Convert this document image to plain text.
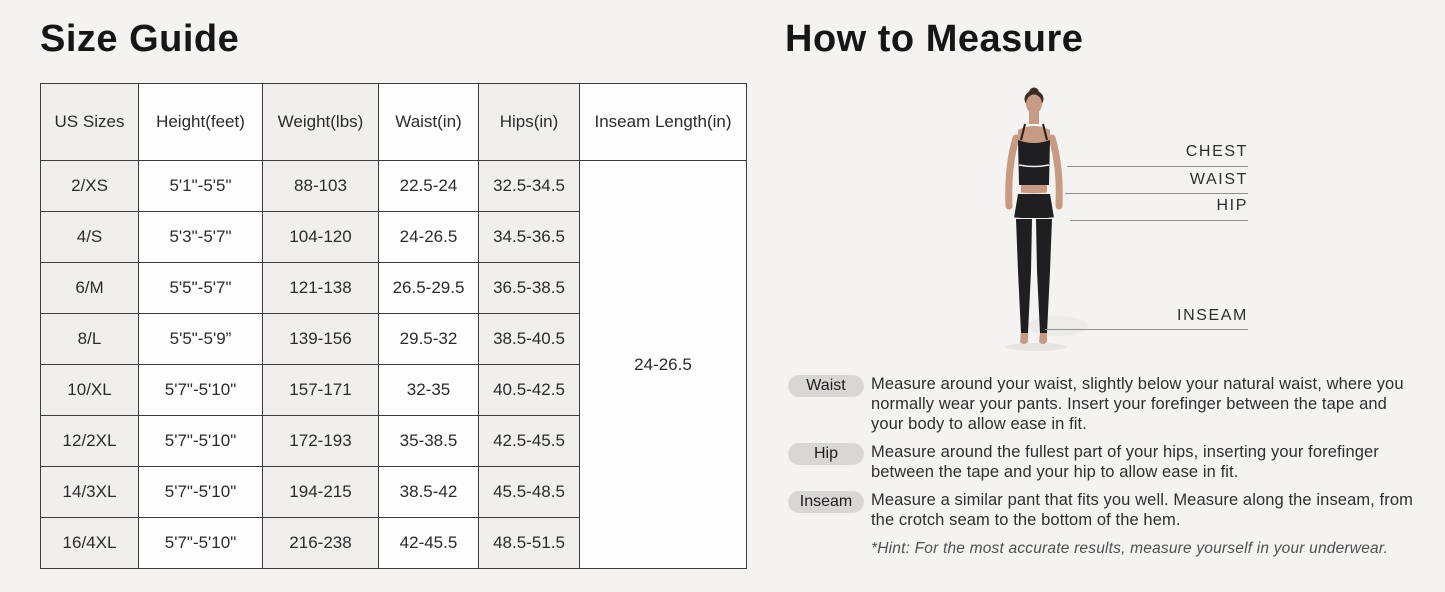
Size Guide
US Sizes	Height(feet)	Weight(lbs)	Waist(in)	Hips(in)	Inseam Length(in)
2/XS	5'1"-5'5"	88-103	22.5-24	32.5-34.5	24-26.5
4/S	5'3"-5'7"	104-120	24-26.5	34.5-36.5	
6/M	5'5"-5'7"	121-138	26.5-29.5	36.5-38.5	
8/L	5'5"-5'9”	139-156	29.5-32	38.5-40.5	
10/XL	5'7"-5'10"	157-171	32-35	40.5-42.5	
12/2XL	5'7"-5'10"	172-193	35-38.5	42.5-45.5	
14/3XL	5'7"-5'10"	194-215	38.5-42	45.5-48.5	
16/4XL	5'7"-5'10"	216-238	42-45.5	48.5-51.5	
How to Measure
CHEST
WAIST
HIP
INSEAM
Waist	Measure around your waist, slightly below your natural waist, where you normally wear your pants. Insert your forefinger between the tape and your body to allow ease in fit.

Hip	Measure around the fullest part of your hips, inserting your forefinger between the tape and your hip to allow ease in fit.

Inseam	Measure a similar pant that fits you well. Measure along the inseam, from the crotch seam to the bottom of the hem.

*Hint: For the most accurate results, measure yourself in your underwear.
